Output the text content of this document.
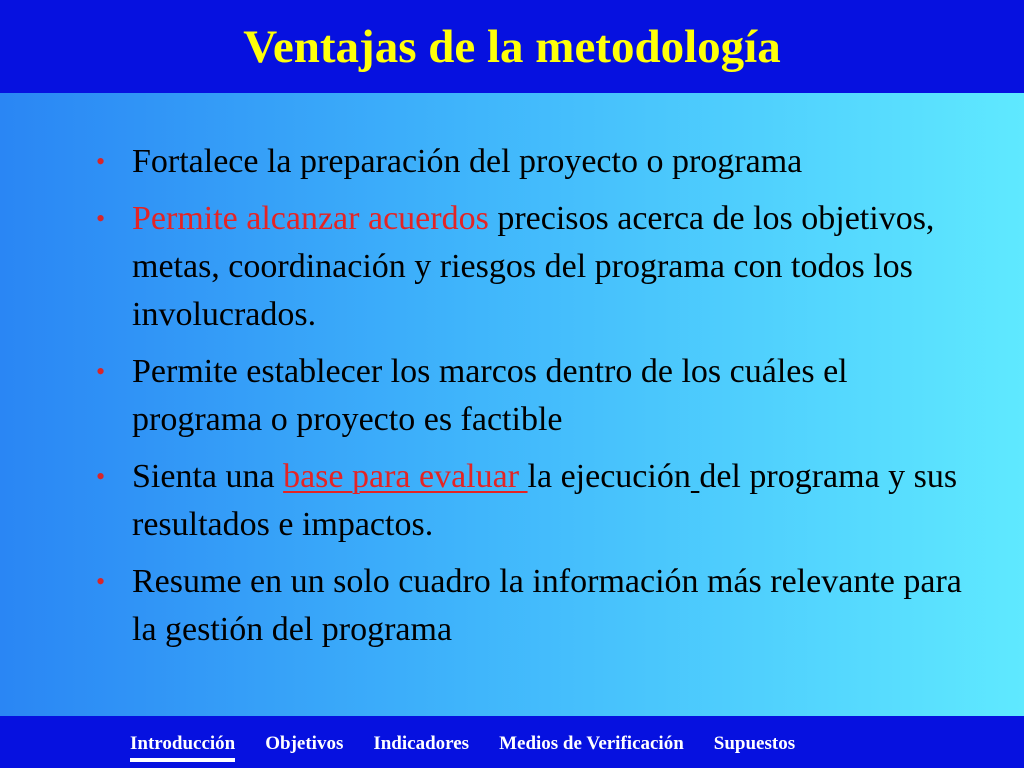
Ventajas de la metodología
• Fortalece la preparación del proyecto o programa
• Permite alcanzar acuerdos precisos acerca de los objetivos, metas, coordinación y riesgos del programa con todos los involucrados.
• Permite establecer los marcos dentro de los cuáles el programa o proyecto es factible
• Sienta una base para evaluar la ejecución del programa y sus resultados e impactos.
• Resume en un solo cuadro la información más relevante para la gestión del programa
Introducción Objetivos Indicadores Medios de Verificación Supuestos
